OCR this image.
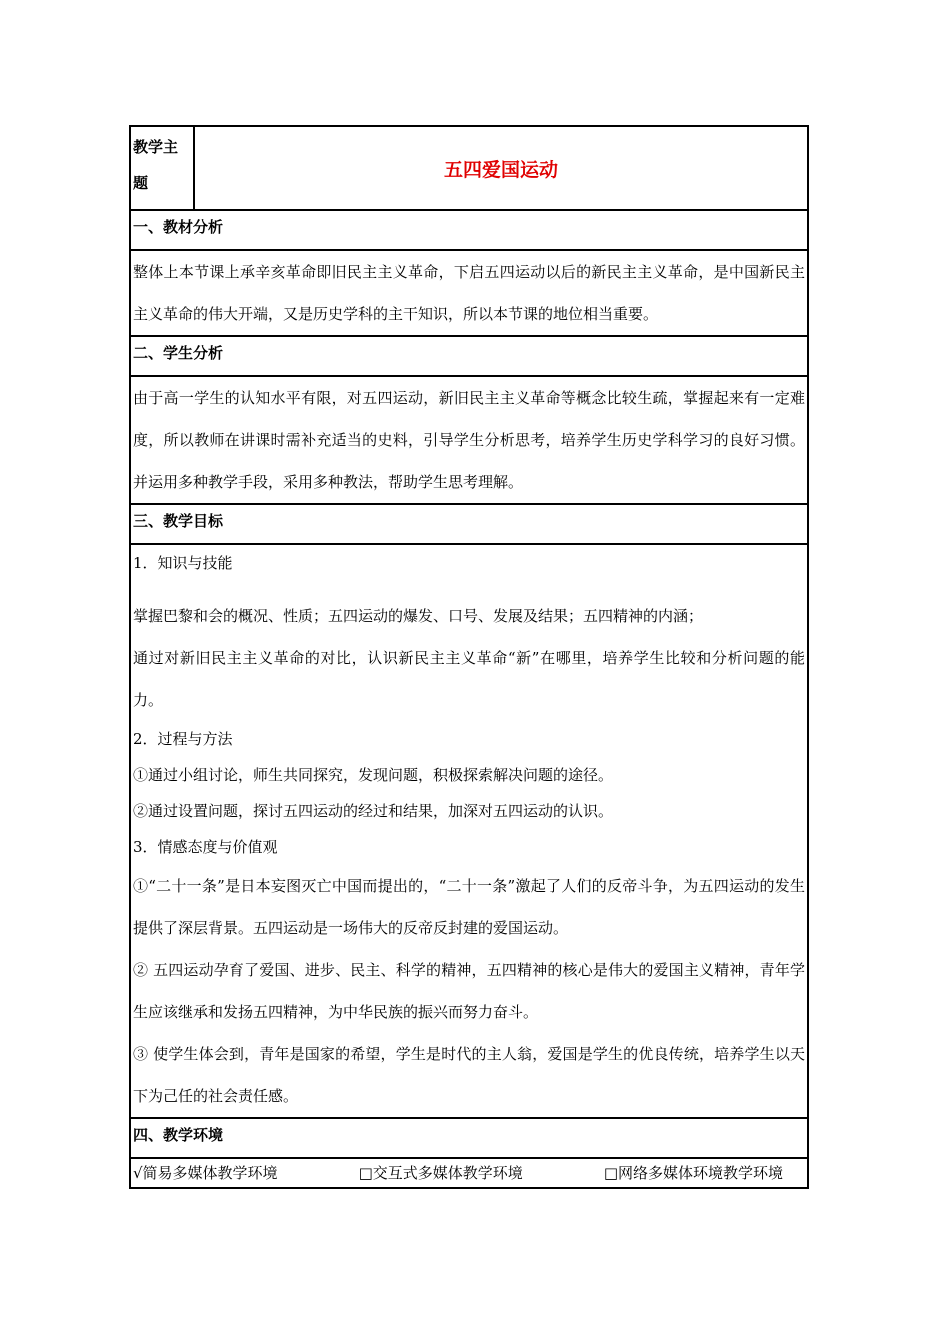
教学主题	五四爱国运动
一、教材分析

整体上本节课上承辛亥革命即旧民主主义革命，下启五四运动以后的新民主主义革命，是中国新民主主义革命的伟大开端，又是历史学科的主干知识，所以本节课的地位相当重要。

二、学生分析

由于高一学生的认知水平有限，对五四运动，新旧民主主义革命等概念比较生疏，掌握起来有一定难度，所以教师在讲课时需补充适当的史料，引导学生分析思考，培养学生历史学科学习的良好习惯。并运用多种教学手段，采用多种教法，帮助学生思考理解。

三、教学目标

1．知识与技能

掌握巴黎和会的概况、性质；五四运动的爆发、口号、发展及结果；五四精神的内涵；

通过对新旧民主主义革命的对比，认识新民主主义革命“新”在哪里，培养学生比较和分析问题的能力。

2．过程与方法

①通过小组讨论，师生共同探究，发现问题，积极探索解决问题的途径。

②通过设置问题，探讨五四运动的经过和结果，加深对五四运动的认识。

3．情感态度与价值观

①“二十一条”是日本妄图灭亡中国而提出的，“二十一条”激起了人们的反帝斗争，为五四运动的发生提供了深层背景。五四运动是一场伟大的反帝反封建的爱国运动。

② 五四运动孕育了爱国、进步、民主、科学的精神，五四精神的核心是伟大的爱国主义精神，青年学生应该继承和发扬五四精神，为中华民族的振兴而努力奋斗。

③ 使学生体会到，青年是国家的希望，学生是时代的主人翁，爱国是学生的优良传统，培养学生以天下为己任的社会责任感。

四、教学环境

√简易多媒体教学环境	□交互式多媒体教学环境	□网络多媒体环境教学环境
